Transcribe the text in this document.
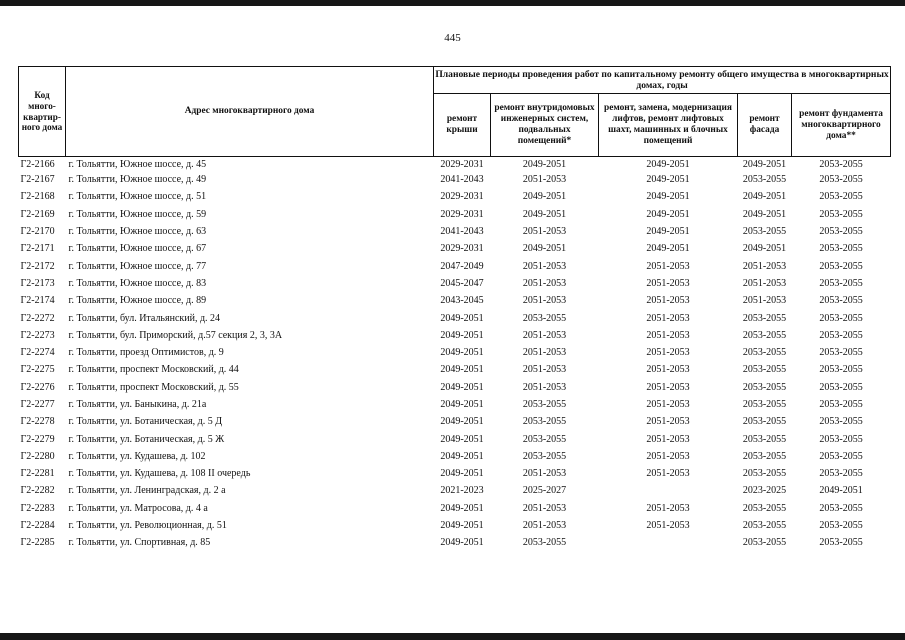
445
Код много-квартир-ного дома	Адрес многоквартирного дома	Плановые периоды проведения работ по капитальному ремонту общего имущества в многоквартирных домах, годы				
		ремонт крыши	ремонт внутридомовых инженерных систем, подвальных помещений*	ремонт, замена, модернизация лифтов, ремонт лифтовых шахт, машинных и блочных помещений	ремонт фасада	ремонт фундамента многоквартирного дома**
Г2-2166	г. Тольятти, Южное шоссе, д. 45	2029-2031	2049-2051	2049-2051	2049-2051	2053-2055
Г2-2167	г. Тольятти, Южное шоссе, д. 49	2041-2043	2051-2053	2049-2051	2053-2055	2053-2055
Г2-2168	г. Тольятти, Южное шоссе, д. 51	2029-2031	2049-2051	2049-2051	2049-2051	2053-2055
Г2-2169	г. Тольятти, Южное шоссе, д. 59	2029-2031	2049-2051	2049-2051	2049-2051	2053-2055
Г2-2170	г. Тольятти, Южное шоссе, д. 63	2041-2043	2051-2053	2049-2051	2053-2055	2053-2055
Г2-2171	г. Тольятти, Южное шоссе, д. 67	2029-2031	2049-2051	2049-2051	2049-2051	2053-2055
Г2-2172	г. Тольятти, Южное шоссе, д. 77	2047-2049	2051-2053	2051-2053	2051-2053	2053-2055
Г2-2173	г. Тольятти, Южное шоссе, д. 83	2045-2047	2051-2053	2051-2053	2051-2053	2053-2055
Г2-2174	г. Тольятти, Южное шоссе, д. 89	2043-2045	2051-2053	2051-2053	2051-2053	2053-2055
Г2-2272	г. Тольятти, бул. Итальянский, д. 24	2049-2051	2053-2055	2051-2053	2053-2055	2053-2055
Г2-2273	г. Тольятти, бул. Приморский, д.57 секция 2, 3, 3А	2049-2051	2051-2053	2051-2053	2053-2055	2053-2055
Г2-2274	г. Тольятти, проезд Оптимистов, д. 9	2049-2051	2051-2053	2051-2053	2053-2055	2053-2055
Г2-2275	г. Тольятти, проспект Московский, д. 44	2049-2051	2051-2053	2051-2053	2053-2055	2053-2055
Г2-2276	г. Тольятти, проспект Московский, д. 55	2049-2051	2051-2053	2051-2053	2053-2055	2053-2055
Г2-2277	г. Тольятти, ул. Баныкина, д. 21а	2049-2051	2053-2055	2051-2053	2053-2055	2053-2055
Г2-2278	г. Тольятти, ул. Ботаническая, д. 5 Д	2049-2051	2053-2055	2051-2053	2053-2055	2053-2055
Г2-2279	г. Тольятти, ул. Ботаническая, д. 5 Ж	2049-2051	2053-2055	2051-2053	2053-2055	2053-2055
Г2-2280	г. Тольятти, ул. Кудашева, д. 102	2049-2051	2053-2055	2051-2053	2053-2055	2053-2055
Г2-2281	г. Тольятти, ул. Кудашева, д. 108 II очередь	2049-2051	2051-2053	2051-2053	2053-2055	2053-2055
Г2-2282	г. Тольятти, ул. Ленинградская, д. 2 а	2021-2023	2025-2027		2023-2025	2049-2051
Г2-2283	г. Тольятти, ул. Матросова, д. 4 а	2049-2051	2051-2053	2051-2053	2053-2055	2053-2055
Г2-2284	г. Тольятти, ул. Революционная, д. 51	2049-2051	2051-2053	2051-2053	2053-2055	2053-2055
Г2-2285	г. Тольятти, ул. Спортивная, д. 85	2049-2051	2053-2055		2053-2055	2053-2055
